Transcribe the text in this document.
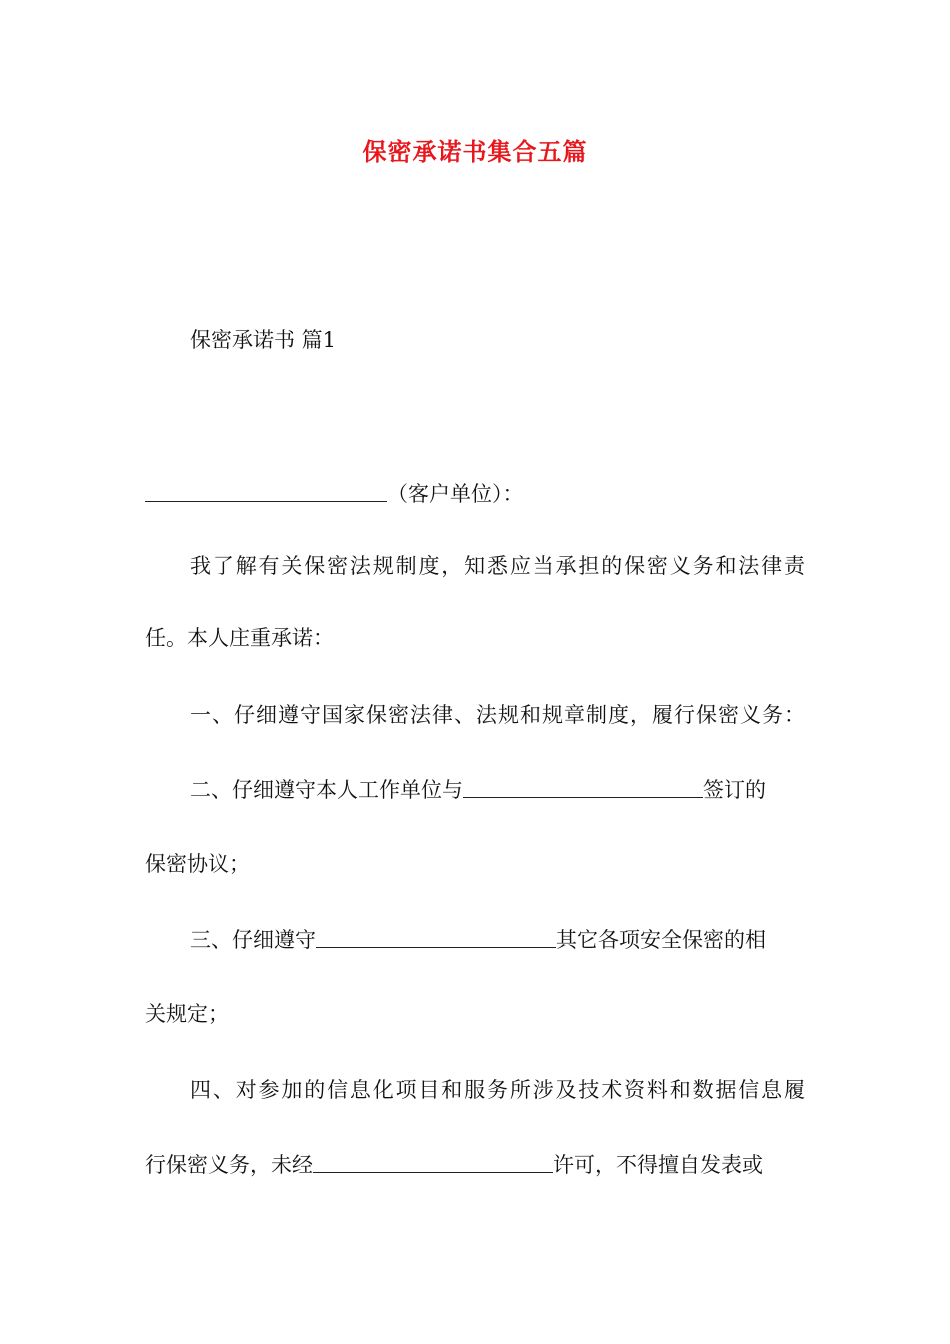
保密承诺书集合五篇
保密承诺书 篇1
（客户单位）：
我了解有关保密法规制度，知悉应当承担的保密义务和法律责
任。本人庄重承诺：
一、仔细遵守国家保密法律、法规和规章制度，履行保密义务：
二、仔细遵守本人工作单位与	签订的
保密协议；
三、仔细遵守	其它各项安全保密的相
关规定；
四、对参加的信息化项目和服务所涉及技术资料和数据信息履
行保密义务，未经	许可，不得擅自发表或
